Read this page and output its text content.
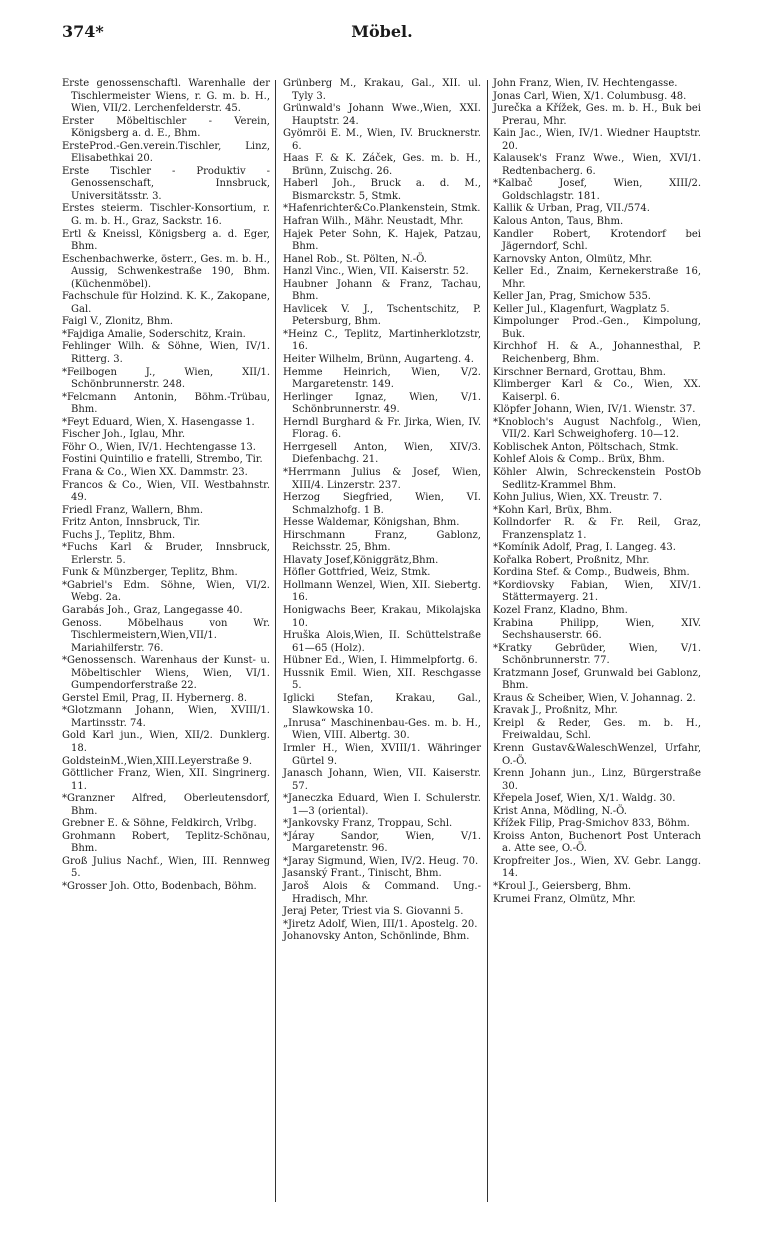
374*	Möbel.

Erste genossenschaftl. Warenhalle der Tischlermeister Wiens, r. G. m. b. H., Wien, VII/2. Lerchenfelderstr. 45.

Erster Möbeltischler - Verein, Königsberg a. d. E., Bhm.

ErsteProd.-Gen.verein.Tischler, Linz, Elisabethkai 20.

Erste Tischler - Produktiv - Genossenschaft, Innsbruck, Universitätsstr. 3.

Erstes steierm. Tischler-Konsortium, r. G. m. b. H., Graz, Sackstr. 16.

Ertl & Kneissl, Königsberg a. d. Eger, Bhm.

Eschenbachwerke, österr., Ges. m. b. H., Aussig, Schwenkestraße 190, Bhm. (Küchenmöbel).

Fachschule für Holzind. K. K., Zakopane, Gal.

Faigl V., Zlonitz, Bhm.

*Fajdiga Amalie, Soderschitz, Krain.

Fehlinger Wilh. & Söhne, Wien, IV/1. Ritterg. 3.

*Feilbogen J., Wien, XII/1. Schönbrunnerstr. 248.

*Felcmann Antonin, Böhm.-Trübau, Bhm.

*Feyt Eduard, Wien, X. Hasengasse 1.

Fischer Joh., Iglau, Mhr.

Föhr O., Wien, IV/1. Hechtengasse 13.

Fostini Quintilio e fratelli, Strembo, Tir.

Frana & Co., Wien XX. Dammstr. 23.

Francos & Co., Wien, VII. Westbahnstr. 49.

Friedl Franz, Wallern, Bhm.

Fritz Anton, Innsbruck, Tir.

Fuchs J., Teplitz, Bhm.

*Fuchs Karl & Bruder, Innsbruck, Erlerstr. 5.

Funk & Münzberger, Teplitz, Bhm.

*Gabriel's Edm. Söhne, Wien, VI/2. Webg. 2a.

Garabás Joh., Graz, Langegasse 40.

Genoss. Möbelhaus von Wr. Tischlermeistern,Wien,VII/1. Mariahilferstr. 76.

*Genossensch. Warenhaus der Kunst- u. Möbeltischler Wiens, Wien, VI/1. Gumpendorferstraße 22.

Gerstel Emil, Prag, II. Hybernerg. 8.

*Glotzmann Johann, Wien, XVIII/1. Martinsstr. 74.

Gold Karl jun., Wien, XII/2. Dunklerg. 18.

GoldsteinM.,Wien,XIII.Leyerstraße 9.

Göttlicher Franz, Wien, XII. Singrinerg. 11.

*Granzner Alfred, Oberleutensdorf, Bhm.

Grebner E. & Söhne, Feldkirch, Vrlbg.

Grohmann Robert, Teplitz-Schönau, Bhm.

Groß Julius Nachf., Wien, III. Rennweg 5.

*Grosser Joh. Otto, Bodenbach, Böhm.

Grünberg M., Krakau, Gal., XII. ul. Tyly 3.

Grünwald's Johann Wwe.,Wien, XXI. Hauptstr. 24.

Gyömröi E. M., Wien, IV. Brucknerstr. 6.

Haas F. & K. Záček, Ges. m. b. H., Brünn, Zuischg. 26.

Haberl Joh., Bruck a. d. M., Bismarckstr. 5, Stmk.

*Hafenrichter&Co.Plankenstein, Stmk.

Hafran Wilh., Mähr. Neustadt, Mhr.

Hajek Peter Sohn, K. Hajek, Patzau, Bhm.

Hanel Rob., St. Pölten, N.-Ö.

Hanzl Vinc., Wien, VII. Kaiserstr. 52.

Haubner Johann & Franz, Tachau, Bhm.

Havlicek V. J., Tschentschitz, P. Petersburg, Bhm.

*Heinz C., Teplitz, Martinherklotzstr, 16.

Heiter Wilhelm, Brünn, Augarteng. 4.

Hemme Heinrich, Wien, V/2. Margaretenstr. 149.

Herlinger Ignaz, Wien, V/1. Schönbrunnerstr. 49.

Herndl Burghard & Fr. Jirka, Wien, IV. Florag. 6.

Herrgesell Anton, Wien, XIV/3. Diefenbachg. 21.

*Herrmann Julius & Josef, Wien, XIII/4. Linzerstr. 237.

Herzog Siegfried, Wien, VI. Schmalzhofg. 1 B.

Hesse Waldemar, Königshan, Bhm.

Hirschmann Franz, Gablonz, Reichsstr. 25, Bhm.

Hlavaty Josef,Königgrätz,Bhm.

Höfler Gottfried, Weiz, Stmk.

Hollmann Wenzel, Wien, XII. Siebertg. 16.

Honigwachs Beer, Krakau, Mikolajska 10.

Hruška Alois,Wien, II. Schüttelstraße 61—65 (Holz).

Hübner Ed., Wien, I. Himmelpfortg. 6.

Hussnik Emil. Wien, XII. Reschgasse 5.

Iglicki Stefan, Krakau, Gal., Slawkowska 10.

„Inrusa“ Maschinenbau-Ges. m. b. H., Wien, VIII. Albertg. 30.

Irmler H., Wien, XVIII/1. Währinger Gürtel 9.

Janasch Johann, Wien, VII. Kaiserstr. 57.

*Janeczka Eduard, Wien I. Schulerstr. 1—3 (oriental).

*Jankovsky Franz, Troppau, Schl.

*Járay Sandor, Wien, V/1. Margaretenstr. 96.

*Jaray Sigmund, Wien, IV/2. Heug. 70.

Jasanský Frant., Tinischt, Bhm.

Jaroš Alois & Command. Ung.-Hradisch, Mhr.

Jeraj Peter, Triest via S. Giovanni 5.

*Jiretz Adolf, Wien, III/1. Apostelg. 20.

Johanovsky Anton, Schönlinde, Bhm.

John Franz, Wien, IV. Hechtengasse.

Jonas Carl, Wien, X/1. Columbusg. 48.

Jurečka a Křížek, Ges. m. b. H., Buk bei Prerau, Mhr.

Kain Jac., Wien, IV/1. Wiedner Hauptstr. 20.

Kalausek's Franz Wwe., Wien, XVI/1. Redtenbacherg. 6.

*Kalbač Josef, Wien, XIII/2. Goldschlagstr. 181.

Kallik & Urban, Prag, VII./574.

Kalous Anton, Taus, Bhm.

Kandler Robert, Krotendorf bei Jägerndorf, Schl.

Karnovsky Anton, Olmütz, Mhr.

Keller Ed., Znaim, Kernekerstraße 16, Mhr.

Keller Jan, Prag, Smichow 535.

Keller Jul., Klagenfurt, Wagplatz 5.

Kimpolunger Prod.-Gen., Kimpolung, Buk.

Kirchhof H. & A., Johannesthal, P. Reichenberg, Bhm.

Kirschner Bernard, Grottau, Bhm.

Klimberger Karl & Co., Wien, XX. Kaiserpl. 6.

Klöpfer Johann, Wien, IV/1. Wienstr. 37.

*Knobloch's August Nachfolg., Wien, VII/2. Karl Schweighoferg. 10—12.

Koblischek Anton, Pöltschach, Stmk.

Kohlef Alois & Comp.. Brüx, Bhm.

Köhler Alwin, Schreckenstein PostOb Sedlitz-Krammel Bhm.

Kohn Julius, Wien, XX. Treustr. 7.

*Kohn Karl, Brüx, Bhm.

Kollndorfer R. & Fr. Reil, Graz, Franzensplatz 1.

*Komínik Adolf, Prag, I. Langeg. 43.

Kořalka Robert, Proßnitz, Mhr.

Kordina Stef. & Comp., Budweis, Bhm.

*Kordiovsky Fabian, Wien, XIV/1. Stättermayerg. 21.

Kozel Franz, Kladno, Bhm.

Krabina Philipp, Wien, XIV. Sechshauserstr. 66.

*Kratky Gebrüder, Wien, V/1. Schönbrunnerstr. 77.

Kratzmann Josef, Grunwald bei Gablonz, Bhm.

Kraus & Scheiber, Wien, V. Johannag. 2.

Kravak J., Proßnitz, Mhr.

Kreipl & Reder, Ges. m. b. H., Freiwaldau, Schl.

Krenn Gustav&WaleschWenzel, Urfahr, O.-Ö.

Krenn Johann jun., Linz, Bürgerstraße 30.

Křepela Josef, Wien, X/1. Waldg. 30.

Krist Anna, Mödling, N.-Ö.

Křížek Filip, Prag-Smichov 833, Böhm.

Kroiss Anton, Buchenort Post Unterach a. Atte see, O.-Ö.

Kropfreiter Jos., Wien, XV. Gebr. Langg. 14.

*Kroul J., Geiersberg, Bhm.

Krumei Franz, Olmütz, Mhr.
